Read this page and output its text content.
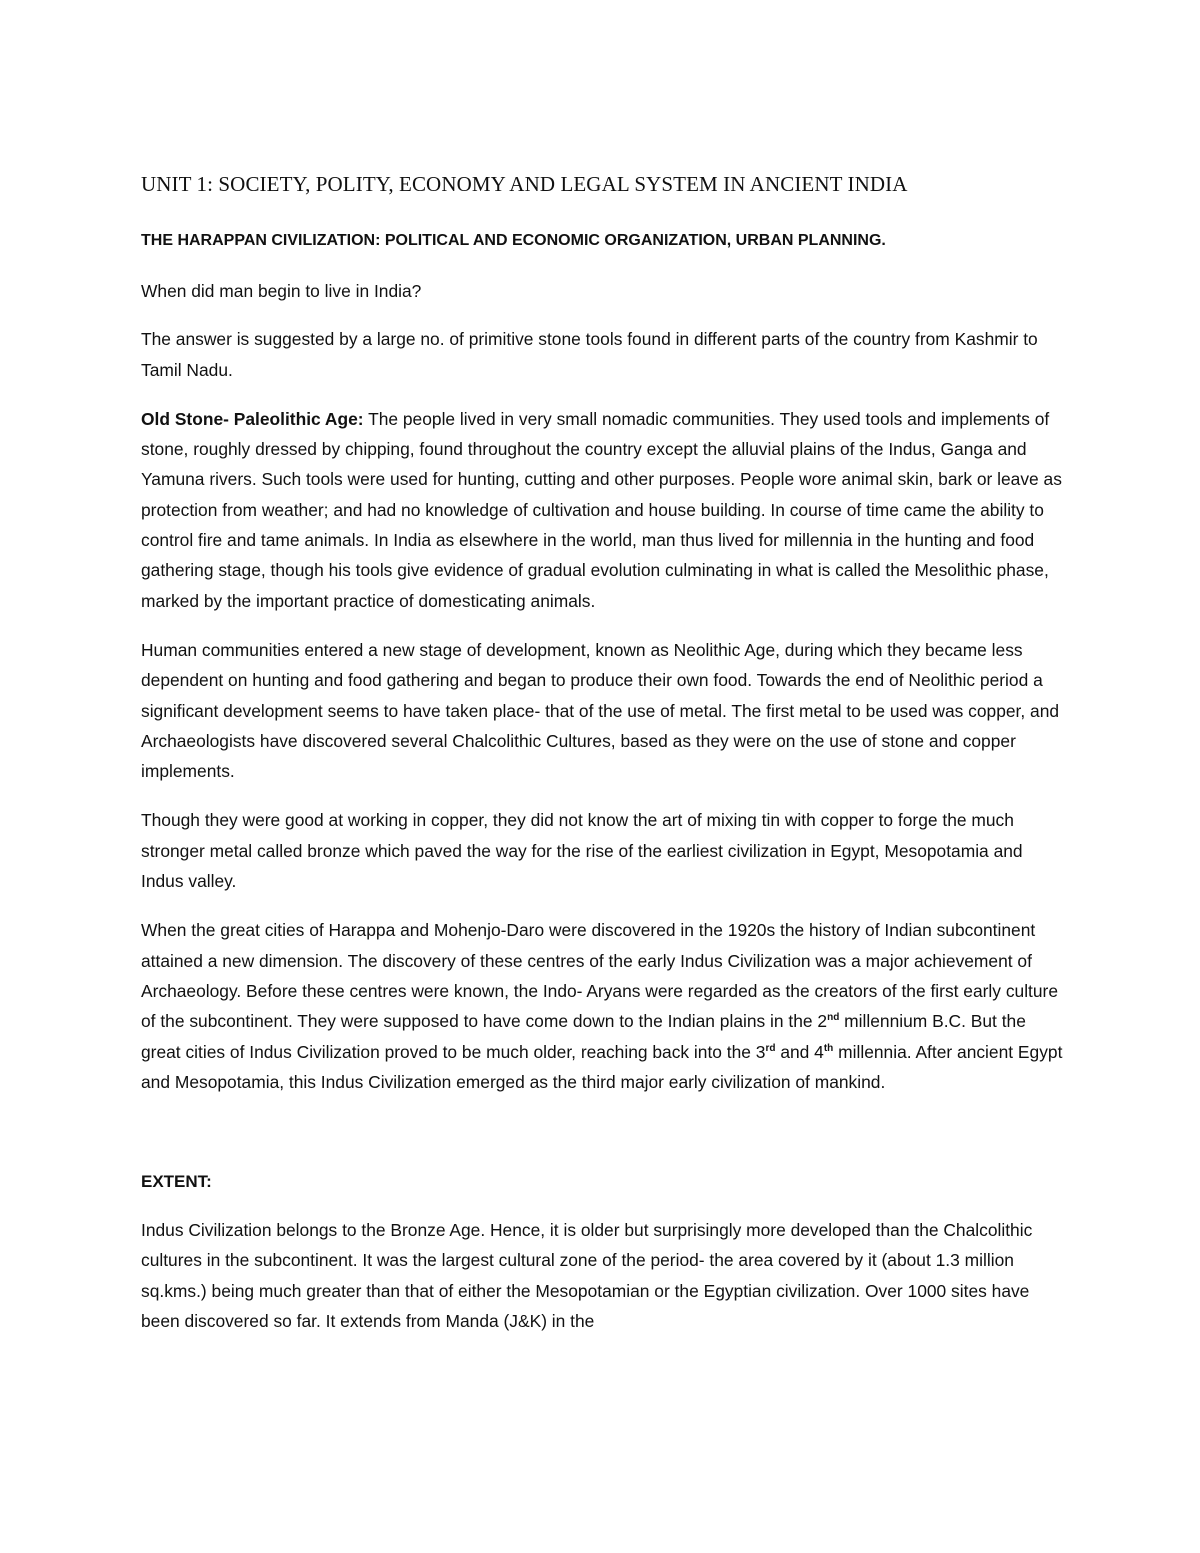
UNIT 1: SOCIETY, POLITY, ECONOMY AND LEGAL SYSTEM IN ANCIENT INDIA
THE HARAPPAN CIVILIZATION: POLITICAL AND ECONOMIC ORGANIZATION, URBAN PLANNING.

When did man begin to live in India?

The answer is suggested by a large no. of primitive stone tools found in different parts of the country from Kashmir to Tamil Nadu.

Old Stone- Paleolithic Age: The people lived in very small nomadic communities. They used tools and implements of stone, roughly dressed by chipping, found throughout the country except the alluvial plains of the Indus, Ganga and Yamuna rivers. Such tools were used for hunting, cutting and other purposes. People wore animal skin, bark or leave as protection from weather; and had no knowledge of cultivation and house building. In course of time came the ability to control fire and tame animals. In India as elsewhere in the world, man thus lived for millennia in the hunting and food gathering stage, though his tools give evidence of gradual evolution culminating in what is called the Mesolithic phase, marked by the important practice of domesticating animals.

Human communities entered a new stage of development, known as Neolithic Age, during which they became less dependent on hunting and food gathering and began to produce their own food. Towards the end of Neolithic period a significant development seems to have taken place- that of the use of metal. The first metal to be used was copper, and Archaeologists have discovered several Chalcolithic Cultures, based as they were on the use of stone and copper implements.

Though they were good at working in copper, they did not know the art of mixing tin with copper to forge the much stronger metal called bronze which paved the way for the rise of the earliest civilization in Egypt, Mesopotamia and Indus valley.

When the great cities of Harappa and Mohenjo-Daro were discovered in the 1920s the history of Indian subcontinent attained a new dimension. The discovery of these centres of the early Indus Civilization was a major achievement of Archaeology. Before these centres were known, the Indo- Aryans were regarded as the creators of the first early culture of the subcontinent. They were supposed to have come down to the Indian plains in the 2nd millennium B.C. But the great cities of Indus Civilization proved to be much older, reaching back into the 3rd and 4th millennia. After ancient Egypt and Mesopotamia, this Indus Civilization emerged as the third major early civilization of mankind.

EXTENT:

Indus Civilization belongs to the Bronze Age. Hence, it is older but surprisingly more developed than the Chalcolithic cultures in the subcontinent. It was the largest cultural zone of the period- the area covered by it (about 1.3 million sq.kms.) being much greater than that of either the Mesopotamian or the Egyptian civilization. Over 1000 sites have been discovered so far. It extends from Manda (J&K) in the
